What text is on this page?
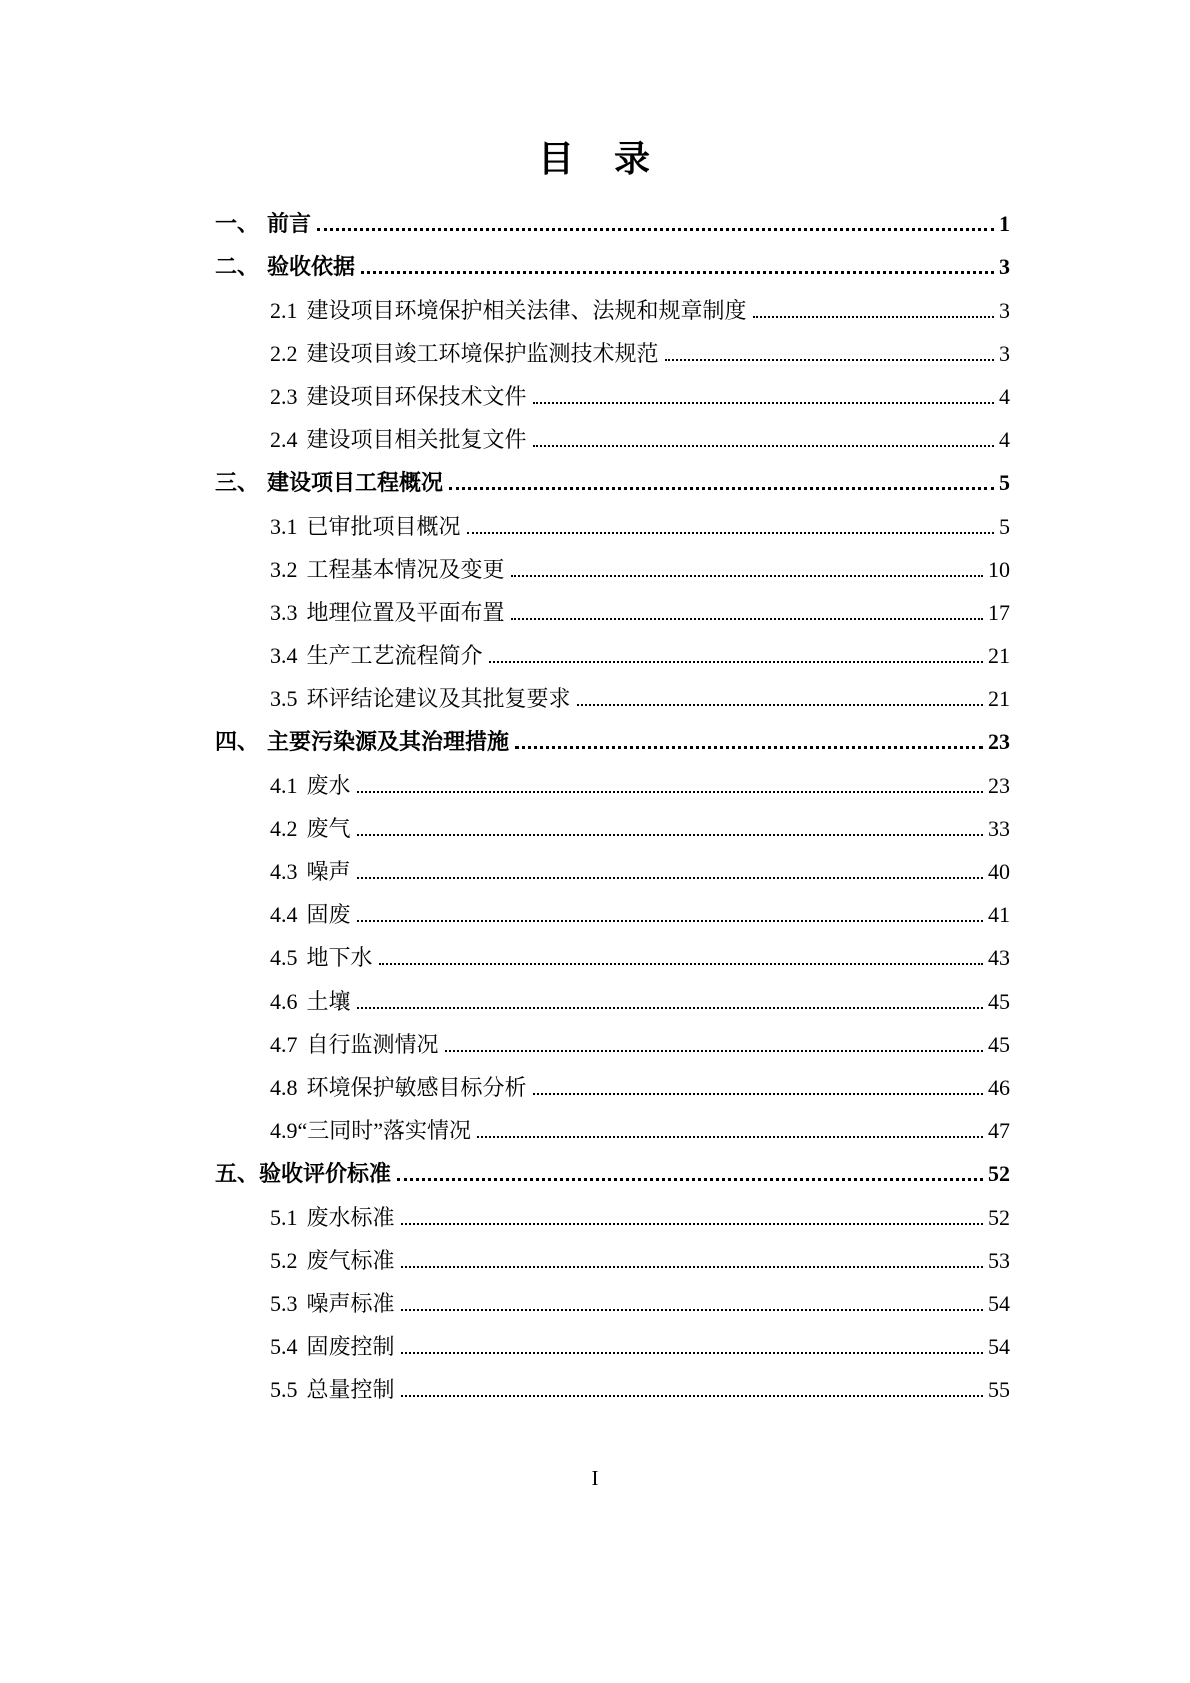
目　录
一、 前言	1
二、 验收依据	3
2.1 建设项目环境保护相关法律、法规和规章制度	3
2.2 建设项目竣工环境保护监测技术规范	3
2.3 建设项目环保技术文件	4
2.4 建设项目相关批复文件	4
三、 建设项目工程概况	5
3.1 已审批项目概况	5
3.2 工程基本情况及变更	10
3.3 地理位置及平面布置	17
3.4 生产工艺流程简介	21
3.5 环评结论建议及其批复要求	21
四、 主要污染源及其治理措施	23
4.1 废水	23
4.2 废气	33
4.3 噪声	40
4.4 固废	41
4.5 地下水	43
4.6 土壤	45
4.7 自行监测情况	45
4.8 环境保护敏感目标分析	46
4.9 “三同时”落实情况	47
五、 验收评价标准	52
5.1 废水标准	52
5.2 废气标准	53
5.3 噪声标准	54
5.4 固废控制	54
5.5 总量控制	55
I
